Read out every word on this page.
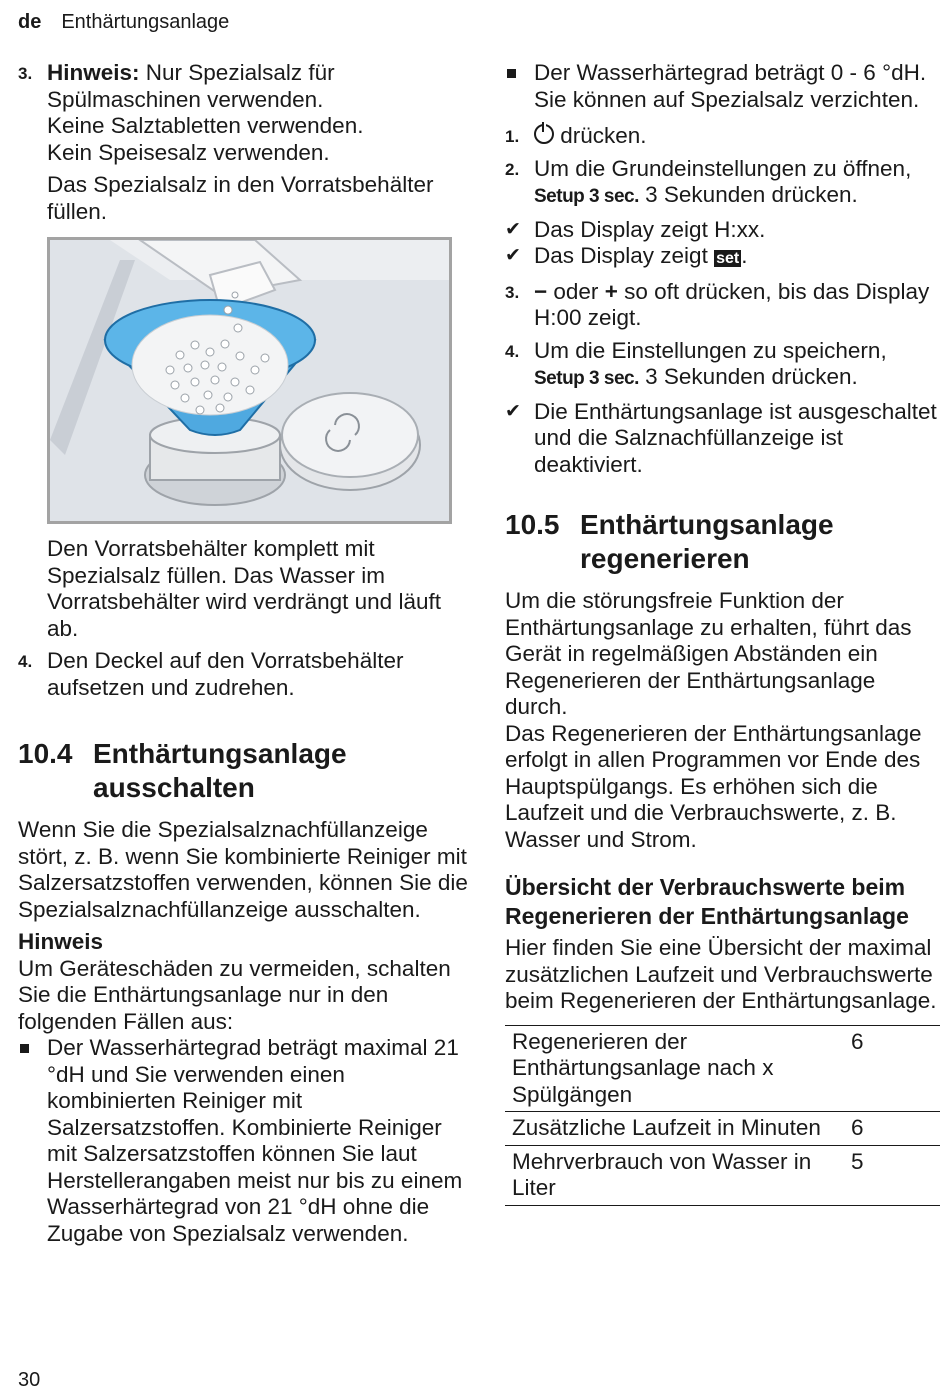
de Enthärtungsanlage
3. Hinweis: Nur Spezialsalz für Spülmaschinen verwenden.

Keine Salztabletten verwenden.

Kein Speisesalz verwenden.

Das Spezialsalz in den Vorratsbehälter füllen.

Den Vorratsbehälter komplett mit Spezialsalz füllen. Das Wasser im Vorratsbehälter wird verdrängt und läuft ab.

4. Den Deckel auf den Vorratsbehälter aufsetzen und zudrehen.

10.4 Enthärtungsanlage ausschalten

Wenn Sie die Spezialsalznachfüllanzeige stört, z. B. wenn Sie kombinierte Reiniger mit Salzersatzstoffen verwenden, können Sie die Spezialsalznachfüllanzeige ausschalten.

Hinweis

Um Geräteschäden zu vermeiden, schalten Sie die Enthärtungsanlage nur in den folgenden Fällen aus:

Der Wasserhärtegrad beträgt maximal 21 °dH und Sie verwenden einen kombinierten Reiniger mit Salzersatzstoffen. Kombinierte Reiniger mit Salzersatzstoffen können Sie laut Herstellerangaben meist nur bis zu einem Wasserhärtegrad von 21 °dH ohne die Zugabe von Spezialsalz verwenden.

Der Wasserhärtegrad beträgt 0 - 6 °dH. Sie können auf Spezialsalz verzichten.

1.	drücken.

2. Um die Grundeinstellungen zu öffnen, Setup 3 sec. 3 Sekunden drücken.

✔ Das Display zeigt H:xx.

✔ Das Display zeigt set.

3. − oder + so oft drücken, bis das Display H:00 zeigt.

4. Um die Einstellungen zu speichern, Setup 3 sec. 3 Sekunden drücken.

✔ Die Enthärtungsanlage ist ausgeschaltet und die Salznachfüllanzeige ist deaktiviert.

10.5 Enthärtungsanlage regenerieren

Um die störungsfreie Funktion der Enthärtungsanlage zu erhalten, führt das Gerät in regelmäßigen Abständen ein Regenerieren der Enthärtungsanlage durch.

Das Regenerieren der Enthärtungsanlage erfolgt in allen Programmen vor Ende des Hauptspülgangs. Es erhöhen sich die Laufzeit und die Verbrauchswerte, z. B. Wasser und Strom.

Übersicht der Verbrauchswerte beim Regenerieren der Enthärtungsanlage

Hier finden Sie eine Übersicht der maximal zusätzlichen Laufzeit und Verbrauchswerte beim Regenerieren der Enthärtungsanlage.

Regenerieren der Enthärtungsanlage nach x Spülgängen	6
Zusätzliche Laufzeit in Minuten	6
Mehrverbrauch von Wasser in Liter	5
30
